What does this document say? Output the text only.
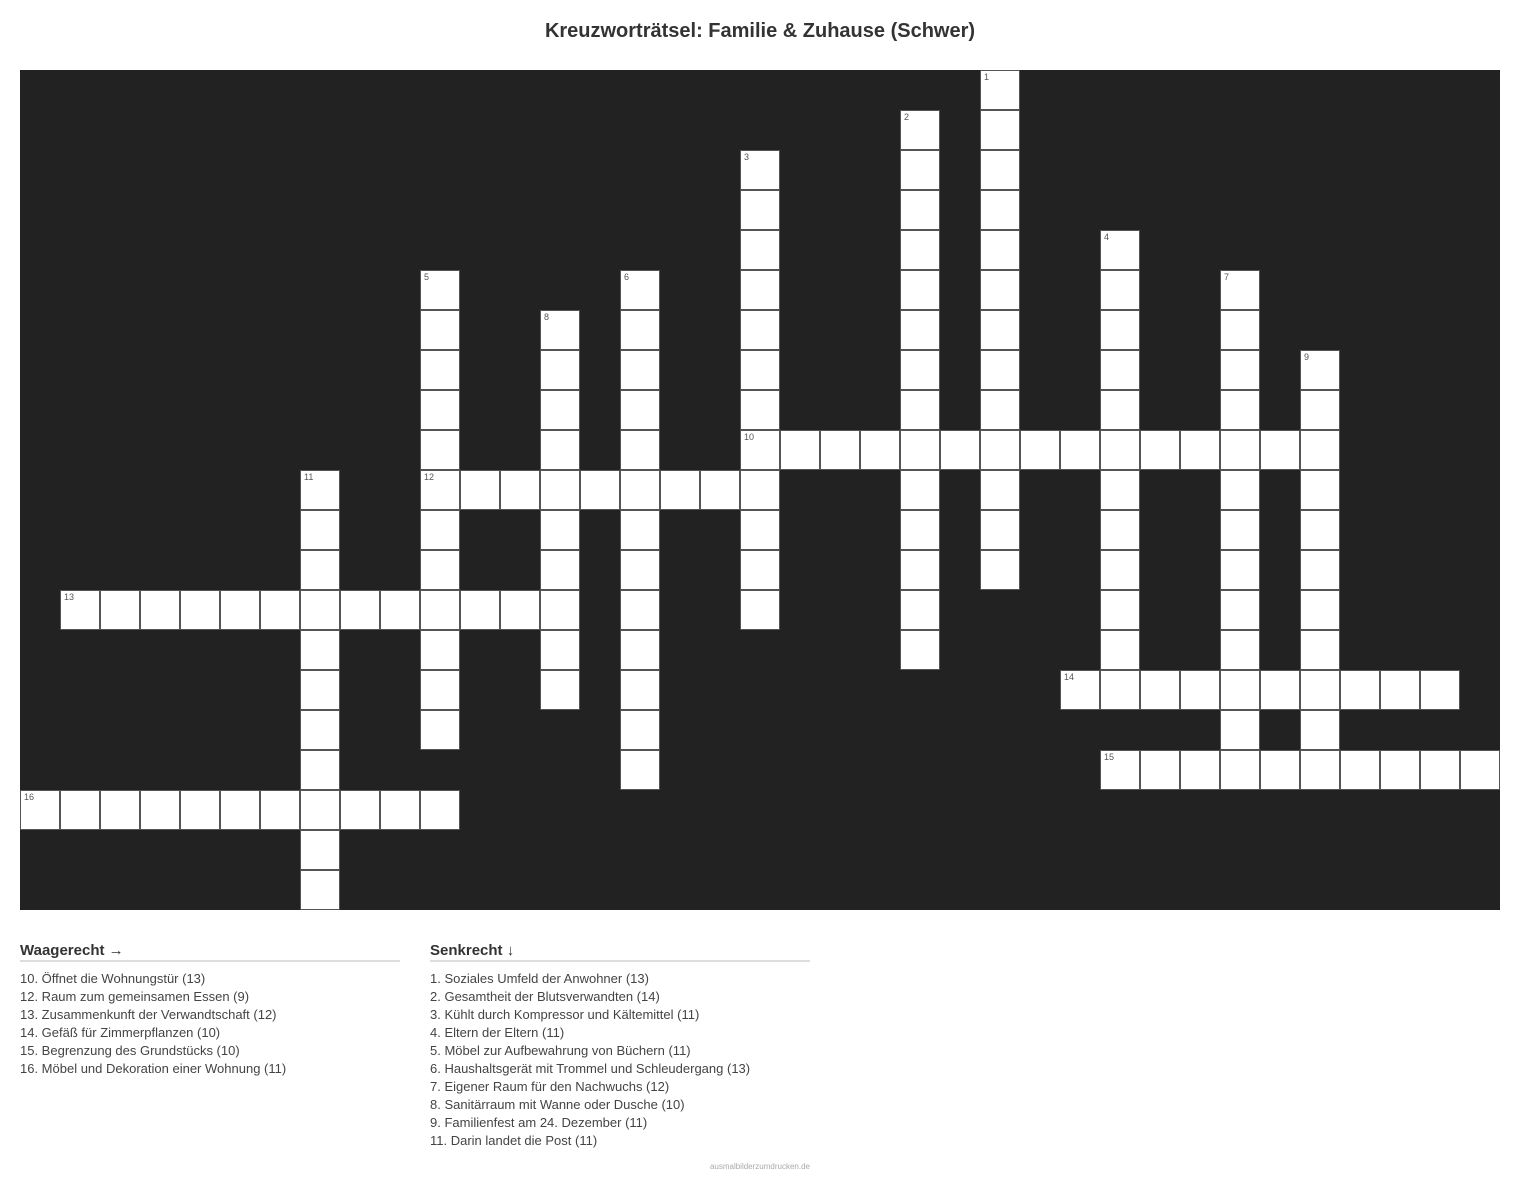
Kreuzworträtsel: Familie & Zuhause (Schwer)
1
2
3
10
4
5
12
6	7
8
9
11
13
14
15
16
Waagerecht →
10. Öffnet die Wohnungstür (13)
12. Raum zum gemeinsamen Essen (9)
13. Zusammenkunft der Verwandtschaft (12)
14. Gefäß für Zimmerpflanzen (10)
15. Begrenzung des Grundstücks (10)
16. Möbel und Dekoration einer Wohnung (11)
Senkrecht ↓
1. Soziales Umfeld der Anwohner (13)
2. Gesamtheit der Blutsverwandten (14)
3. Kühlt durch Kompressor und Kältemittel (11)
4. Eltern der Eltern (11)
5. Möbel zur Aufbewahrung von Büchern (11)
6. Haushaltsgerät mit Trommel und Schleudergang (13)
7. Eigener Raum für den Nachwuchs (12)
8. Sanitärraum mit Wanne oder Dusche (10)
9. Familienfest am 24. Dezember (11)
11. Darin landet die Post (11)
ausmalbilderzumdrucken.de
